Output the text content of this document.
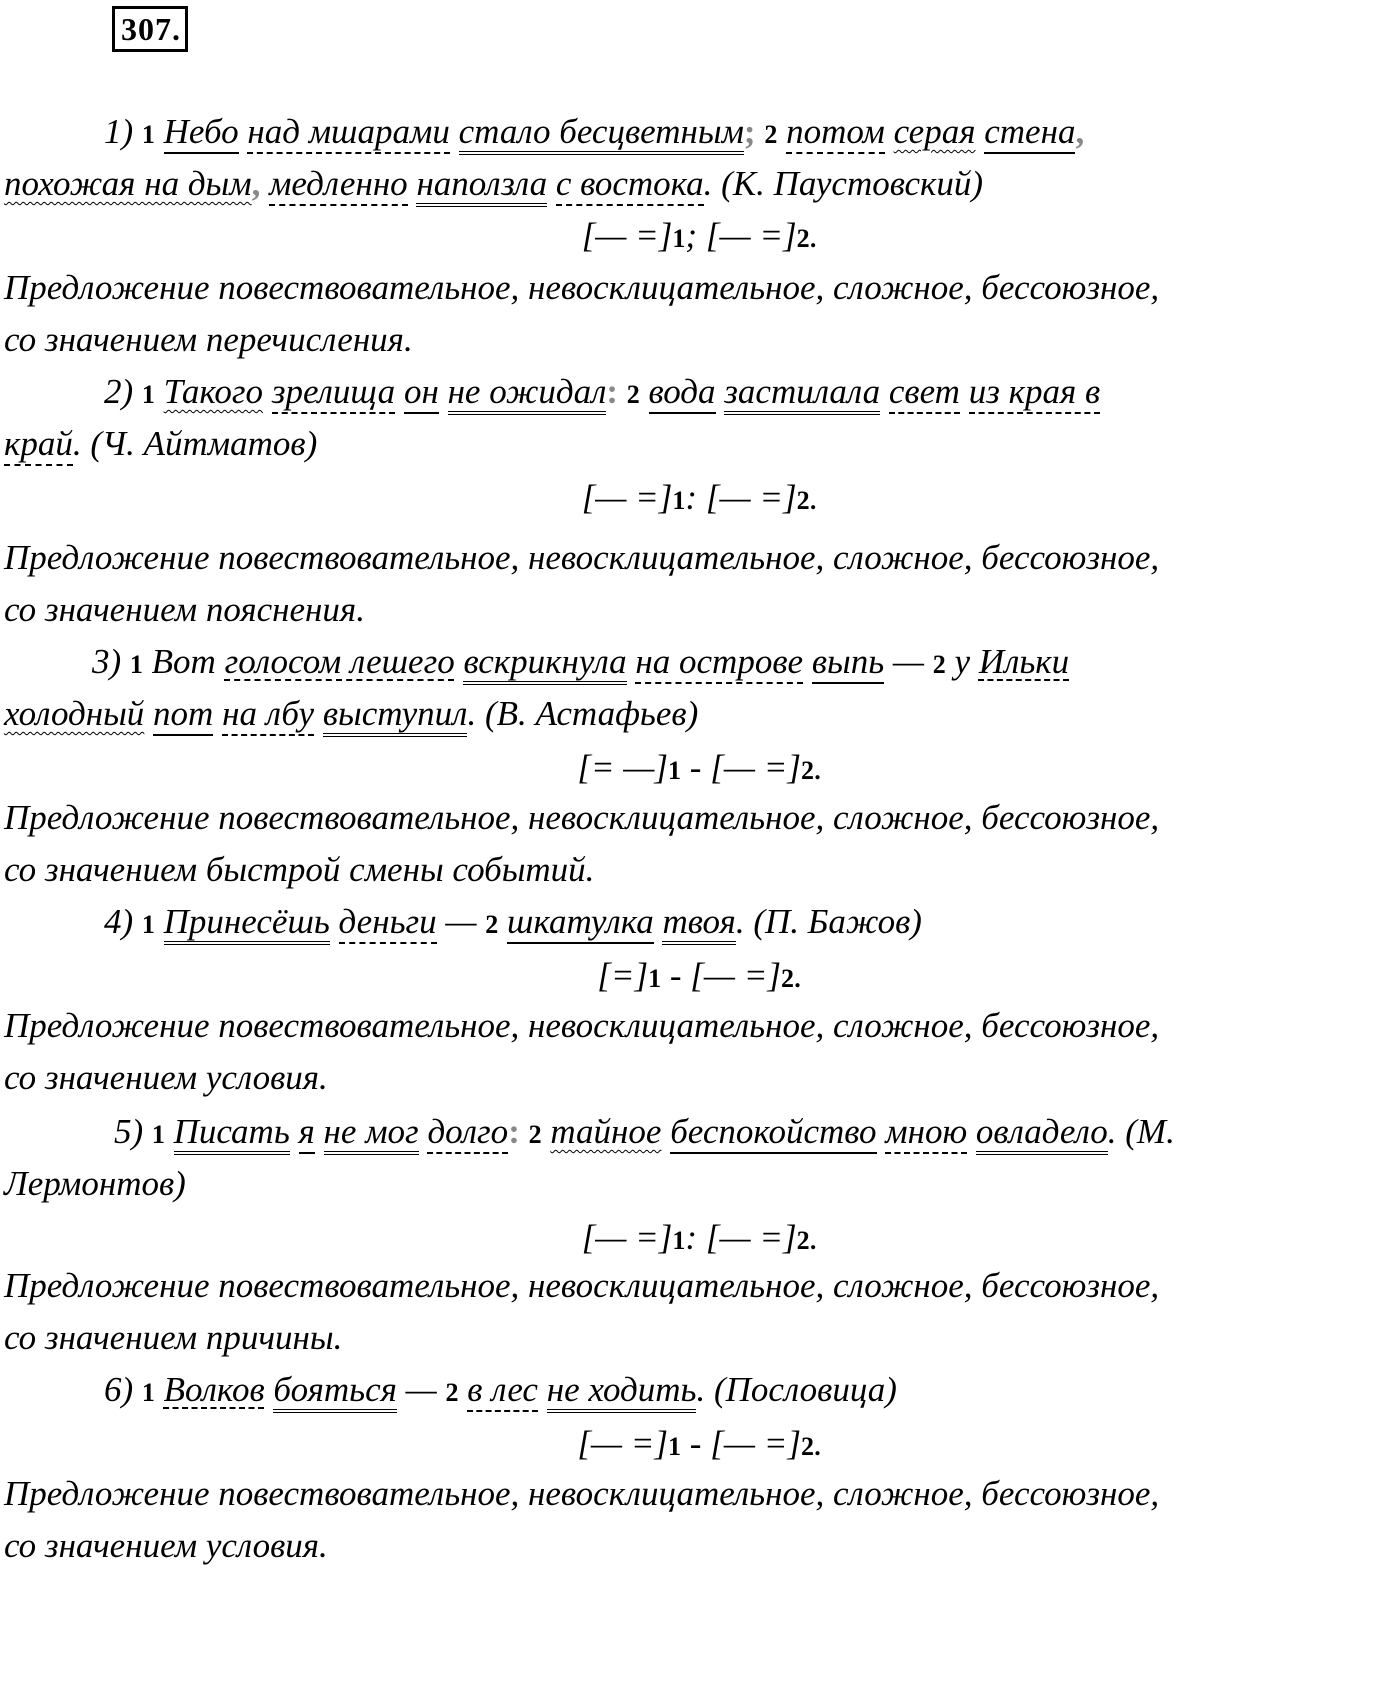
307.
1) 1 Небо над мшарами стало бесцветным; 2 потом серая стена,
похожая на дым, медленно наползла с востока. (К. Паустовский)
[— =]1; [— =]2.
Предложение повествовательное, невосклицательное, сложное, бессоюзное,
со значением перечисления.
2) 1 Такого зрелища он не ожидал: 2 вода застилала свет из края в
край. (Ч. Айтматов)
[— =]1: [— =]2.
Предложение повествовательное, невосклицательное, сложное, бессоюзное,
со значением пояснения.
3) 1 Вот голосом лешего вскрикнула на острове выпь — 2 у Ильки
холодный пот на лбу выступил. (В. Астафьев)
[= —]1 - [— =]2.
Предложение повествовательное, невосклицательное, сложное, бессоюзное,
со значением быстрой смены событий.
4) 1 Принесёшь деньги — 2 шкатулка твоя. (П. Бажов)
[=]1 - [— =]2.
Предложение повествовательное, невосклицательное, сложное, бессоюзное,
со значением условия.
5) 1 Писать я не мог долго: 2 тайное беспокойство мною овладело. (М.
Лермонтов)
[— =]1: [— =]2.
Предложение повествовательное, невосклицательное, сложное, бессоюзное,
со значением причины.
6) 1 Волков бояться — 2 в лес не ходить. (Пословица)
[— =]1 - [— =]2.
Предложение повествовательное, невосклицательное, сложное, бессоюзное,
со значением условия.
